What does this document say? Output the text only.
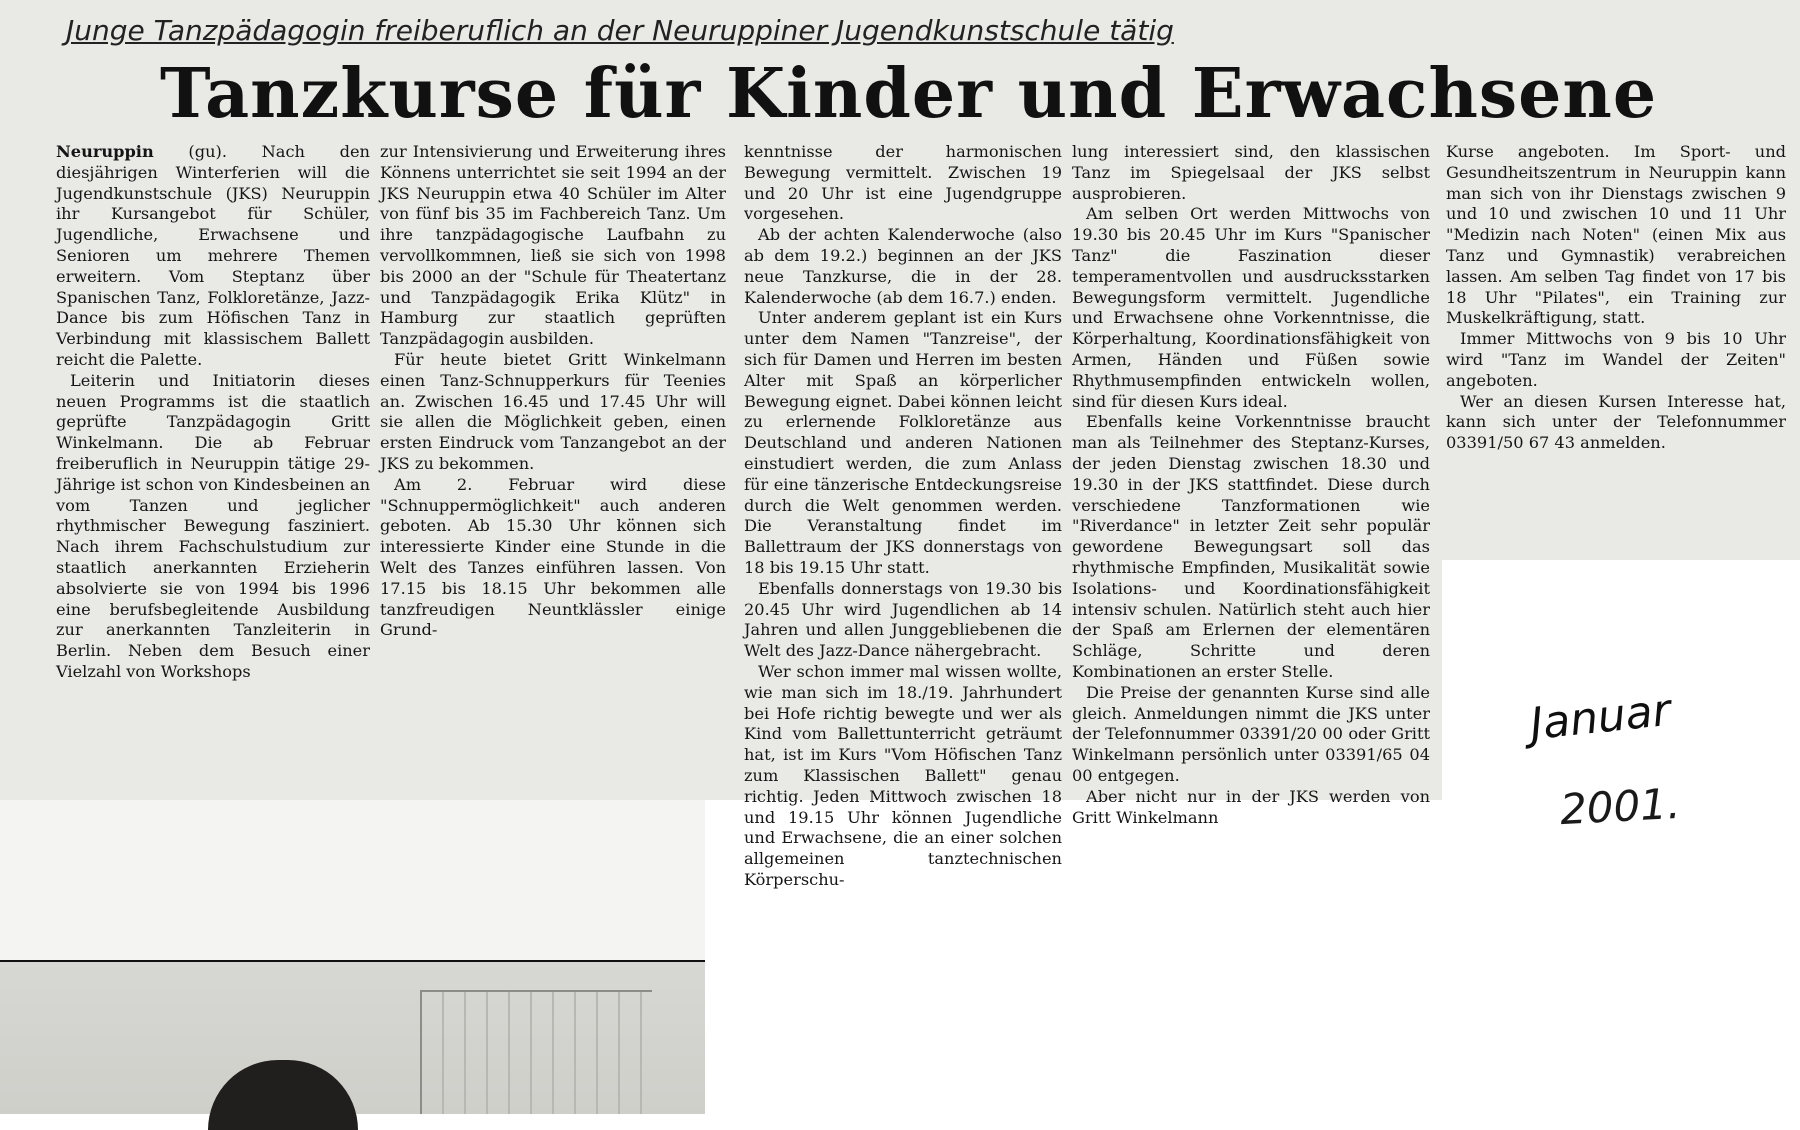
Junge Tanzpädagogin freiberuflich an der Neuruppiner Jugendkunstschule tätig
Tanzkurse für Kinder und Erwachsene

Neuruppin (gu). Nach den diesjährigen Winterferien will die Jugendkunstschule (JKS) Neuruppin ihr Kursangebot für Schüler, Jugendliche, Erwachsene und Senioren um mehrere Themen erweitern. Vom Steptanz über Spanischen Tanz, Folkloretänze, Jazz-Dance bis zum Höfischen Tanz in Verbindung mit klassischem Ballett reicht die Palette.

Leiterin und Initiatorin dieses neuen Programms ist die staatlich geprüfte Tanzpädagogin Gritt Winkelmann. Die ab Februar freiberuflich in Neuruppin tätige 29-Jährige ist schon von Kindesbeinen an vom Tanzen und jeglicher rhythmischer Bewegung fasziniert. Nach ihrem Fachschulstudium zur staatlich anerkannten Erzieherin absolvierte sie von 1994 bis 1996 eine berufsbegleitende Ausbildung zur anerkannten Tanzleiterin in Berlin. Neben dem Besuch einer Vielzahl von Workshops

zur Intensivierung und Erweiterung ihres Könnens unterrichtet sie seit 1994 an der JKS Neuruppin etwa 40 Schüler im Alter von fünf bis 35 im Fachbereich Tanz. Um ihre tanzpädagogische Laufbahn zu vervollkommnen, ließ sie sich von 1998 bis 2000 an der "Schule für Theatertanz und Tanzpädagogik Erika Klütz" in Hamburg zur staatlich geprüften Tanzpädagogin ausbilden.

Für heute bietet Gritt Winkelmann einen Tanz-Schnupperkurs für Teenies an. Zwischen 16.45 und 17.45 Uhr will sie allen die Möglichkeit geben, einen ersten Eindruck vom Tanzangebot an der JKS zu bekommen.

Am 2. Februar wird diese "Schnuppermöglichkeit" auch anderen geboten. Ab 15.30 Uhr können sich interessierte Kinder eine Stunde in die Welt des Tanzes einführen lassen. Von 17.15 bis 18.15 Uhr bekommen alle tanzfreudigen Neuntklässler einige Grund-

kenntnisse der harmonischen Bewegung vermittelt. Zwischen 19 und 20 Uhr ist eine Jugendgruppe vorgesehen.

Ab der achten Kalenderwoche (also ab dem 19.2.) beginnen an der JKS neue Tanzkurse, die in der 28. Kalenderwoche (ab dem 16.7.) enden.

Unter anderem geplant ist ein Kurs unter dem Namen "Tanzreise", der sich für Damen und Herren im besten Alter mit Spaß an körperlicher Bewegung eignet. Dabei können leicht zu erlernende Folkloretänze aus Deutschland und anderen Nationen einstudiert werden, die zum Anlass für eine tänzerische Entdeckungsreise durch die Welt genommen werden. Die Veranstaltung findet im Ballettraum der JKS donnerstags von 18 bis 19.15 Uhr statt.

Ebenfalls donnerstags von 19.30 bis 20.45 Uhr wird Jugendlichen ab 14 Jahren und allen Junggebliebenen die Welt des Jazz-Dance nähergebracht.

Wer schon immer mal wissen wollte, wie man sich im 18./19. Jahrhundert bei Hofe richtig bewegte und wer als Kind vom Ballettunterricht geträumt hat, ist im Kurs "Vom Höfischen Tanz zum Klassischen Ballett" genau richtig. Jeden Mittwoch zwischen 18 und 19.15 Uhr können Jugendliche und Erwachsene, die an einer solchen allgemeinen tanztechnischen Körperschu-

lung interessiert sind, den klassischen Tanz im Spiegelsaal der JKS selbst ausprobieren.

Am selben Ort werden Mittwochs von 19.30 bis 20.45 Uhr im Kurs "Spanischer Tanz" die Faszination dieser temperamentvollen und ausdrucksstarken Bewegungsform vermittelt. Jugendliche und Erwachsene ohne Vorkenntnisse, die Körperhaltung, Koordinationsfähigkeit von Armen, Händen und Füßen sowie Rhythmusempfinden entwickeln wollen, sind für diesen Kurs ideal.

Ebenfalls keine Vorkenntnisse braucht man als Teilnehmer des Steptanz-Kurses, der jeden Dienstag zwischen 18.30 und 19.30 in der JKS stattfindet. Diese durch verschiedene Tanzformationen wie "Riverdance" in letzter Zeit sehr populär gewordene Bewegungsart soll das rhythmische Empfinden, Musikalität sowie Isolations- und Koordinationsfähigkeit intensiv schulen. Natürlich steht auch hier der Spaß am Erlernen der elementären Schläge, Schritte und deren Kombinationen an erster Stelle.

Die Preise der genannten Kurse sind alle gleich. Anmeldungen nimmt die JKS unter der Telefonnummer 03391/20 00 oder Gritt Winkelmann persönlich unter 03391/65 04 00 entgegen.

Aber nicht nur in der JKS werden von Gritt Winkelmann

Kurse angeboten. Im Sport- und Gesundheitszentrum in Neuruppin kann man sich von ihr Dienstags zwischen 9 und 10 und zwischen 10 und 11 Uhr "Medizin nach Noten" (einen Mix aus Tanz und Gymnastik) verabreichen lassen. Am selben Tag findet von 17 bis 18 Uhr "Pilates", ein Training zur Muskelkräftigung, statt.

Immer Mittwochs von 9 bis 10 Uhr wird "Tanz im Wandel der Zeiten" angeboten.

Wer an diesen Kursen Interesse hat, kann sich unter der Telefonnummer 03391/50 67 43 anmelden.

Januar
2001.
